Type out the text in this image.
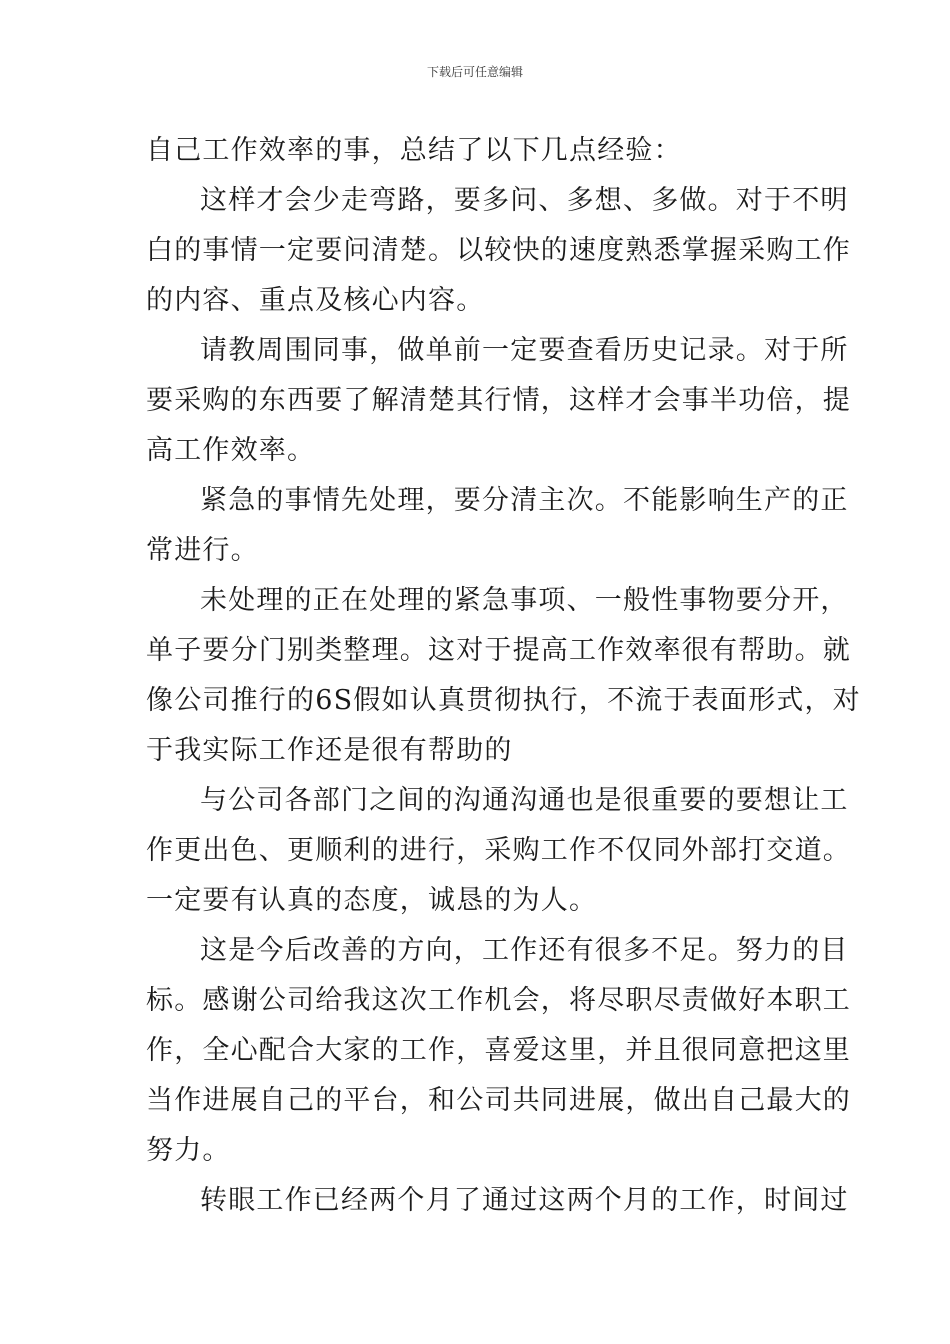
下载后可任意编辑
自己工作效率的事，总结了以下几点经验：
这样才会少走弯路，要多问、多想、多做。对于不明
白的事情一定要问清楚。以较快的速度熟悉掌握采购工作
的内容、重点及核心内容。
请教周围同事，做单前一定要查看历史记录。对于所
要采购的东西要了解清楚其行情，这样才会事半功倍，提
高工作效率。
紧急的事情先处理，要分清主次。不能影响生产的正
常进行。
未处理的正在处理的紧急事项、一般性事物要分开，
单子要分门别类整理。这对于提高工作效率很有帮助。就
像公司推行的6S假如认真贯彻执行，不流于表面形式，对
于我实际工作还是很有帮助的
与公司各部门之间的沟通沟通也是很重要的要想让工
作更出色、更顺利的进行，采购工作不仅同外部打交道。
一定要有认真的态度，诚恳的为人。
这是今后改善的方向，工作还有很多不足。努力的目
标。感谢公司给我这次工作机会，将尽职尽责做好本职工
作，全心配合大家的工作，喜爱这里，并且很同意把这里
当作进展自己的平台，和公司共同进展，做出自己最大的
努力。
转眼工作已经两个月了通过这两个月的工作，时间过
